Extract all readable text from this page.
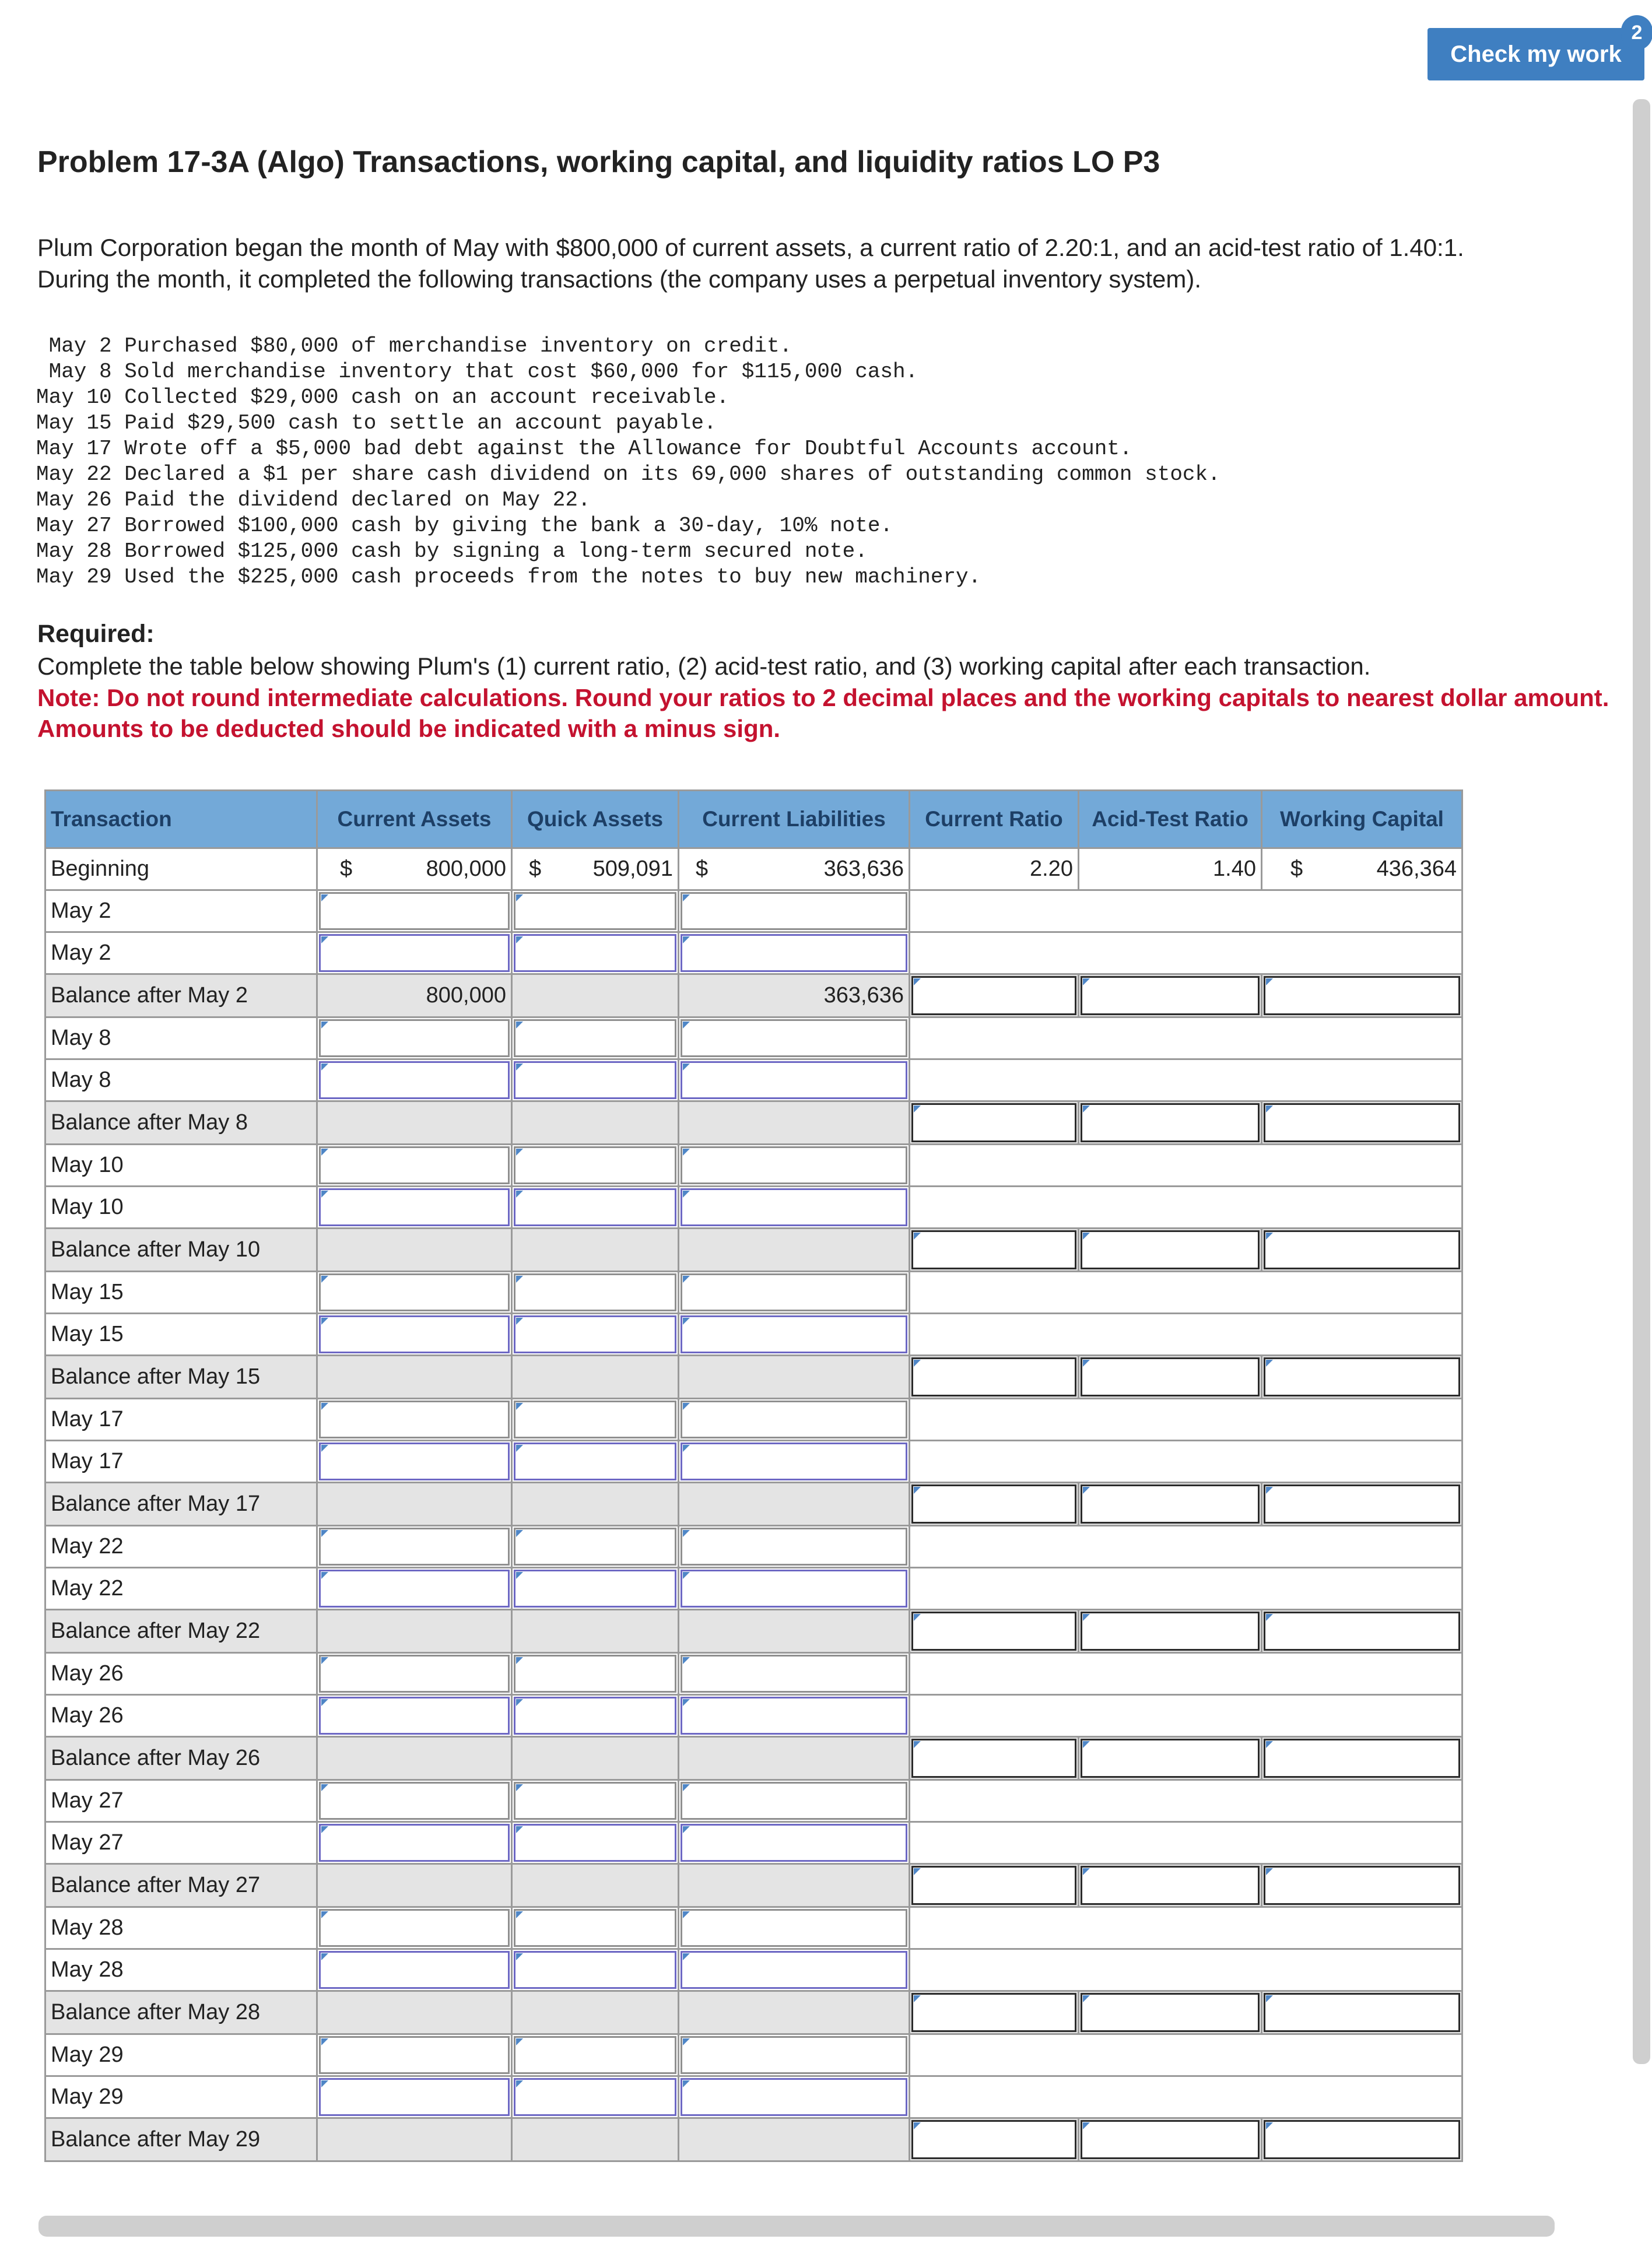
Check my work
2
Problem 17-3A (Algo) Transactions, working capital, and liquidity ratios LO P3
Plum Corporation began the month of May with $800,000 of current assets, a current ratio of 2.20:1, and an acid-test ratio of 1.40:1.
During the month, it completed the following transactions (the company uses a perpetual inventory system).
May 2 Purchased $80,000 of merchandise inventory on credit.
May 8 Sold merchandise inventory that cost $60,000 for $115,000 cash.
May 10 Collected $29,000 cash on an account receivable.
May 15 Paid $29,500 cash to settle an account payable.
May 17 Wrote off a $5,000 bad debt against the Allowance for Doubtful Accounts account.
May 22 Declared a $1 per share cash dividend on its 69,000 shares of outstanding common stock.
May 26 Paid the dividend declared on May 22.
May 27 Borrowed $100,000 cash by giving the bank a 30-day, 10% note.
May 28 Borrowed $125,000 cash by signing a long-term secured note.
May 29 Used the $225,000 cash proceeds from the notes to buy new machinery.
Required:
Complete the table below showing Plum's (1) current ratio, (2) acid-test ratio, and (3) working capital after each transaction.
Note: Do not round intermediate calculations. Round your ratios to 2 decimal places and the working capitals to nearest dollar amount. Amounts to be deducted should be indicated with a minus sign.
Transaction	Current Assets	Quick Assets	Current Liabilities	Current Ratio	Acid-Test Ratio	Working Capital
Beginning	$ 800,000	$ 509,091	$ 363,636	2.20	1.40	$ 436,364

May 2			

May 2			

Balance after May 2	800,000		363,636	

May 8			

May 8			

Balance after May 8				

May 10			

May 10			

Balance after May 10				

May 15			

May 15			

Balance after May 15				

May 17			

May 17			

Balance after May 17				

May 22			

May 22			

Balance after May 22				

May 26			

May 26			

Balance after May 26				

May 27			

May 27			

Balance after May 27				

May 28			

May 28			

Balance after May 28				

May 29			

May 29			

Balance after May 29				
